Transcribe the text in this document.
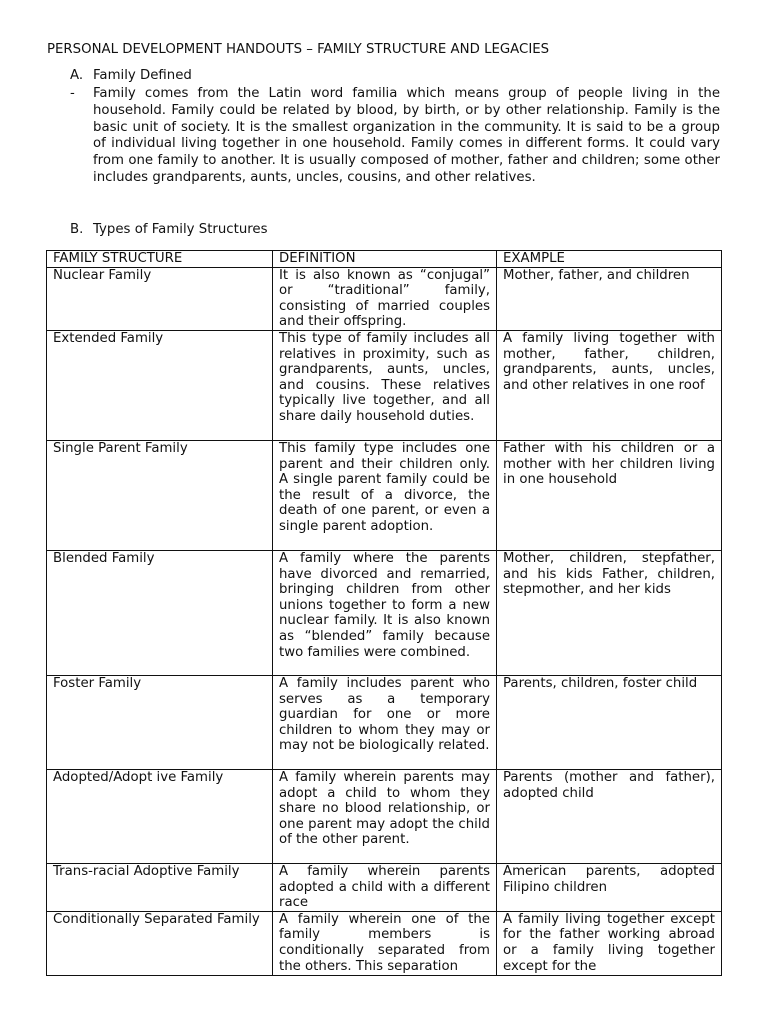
PERSONAL DEVELOPMENT HANDOUTS – FAMILY STRUCTURE AND LEGACIES
A. Family Defined
- Family comes from the Latin word familia which means group of people living in the household. Family could be related by blood, by birth, or by other relationship. Family is the basic unit of society. It is the smallest organization in the community. It is said to be a group of individual living together in one household. Family comes in different forms. It could vary from one family to another. It is usually composed of mother, father and children; some other includes grandparents, aunts, uncles, cousins, and other relatives.
B. Types of Family Structures
FAMILY STRUCTURE	DEFINITION	EXAMPLE
Nuclear Family	It is also known as “conjugal” or “traditional” family, consisting of married couples and their offspring.	Mother, father, and children
Extended Family	This type of family includes all relatives in proximity, such as grandparents, aunts, uncles, and cousins. These relatives typically live together, and all share daily household duties.	A family living together with mother, father, children, grandparents, aunts, uncles, and other relatives in one roof
Single Parent Family	This family type includes one parent and their children only. A single parent family could be the result of a divorce, the death of one parent, or even a single parent adoption.	Father with his children or a mother with her children living in one household
Blended Family	A family where the parents have divorced and remarried, bringing children from other unions together to form a new nuclear family. It is also known as “blended” family because two families were combined.	Mother, children, stepfather, and his kids Father, children, stepmother, and her kids
Foster Family	A family includes parent who serves as a temporary guardian for one or more children to whom they may or may not be biologically related.	Parents, children, foster child
Adopted/Adopt ive Family	A family wherein parents may adopt a child to whom they share no blood relationship, or one parent may adopt the child of the other parent.	Parents (mother and father), adopted child
Trans-racial Adoptive Family	A family wherein parents adopted a child with a different race	American parents, adopted Filipino children
Conditionally Separated Family	A family wherein one of the family members is conditionally separated from the others. This separation	A family living together except for the father working abroad or a family living together except for the
